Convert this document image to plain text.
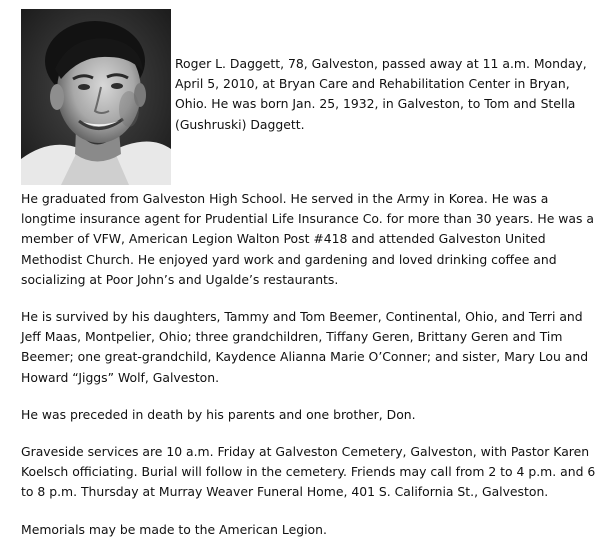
Roger L. Daggett, 78, Galveston, passed away at 11 a.m. Monday, April 5, 2010, at Bryan Care and Rehabilitation Center in Bryan, Ohio. He was born Jan. 25, 1932, in Galveston, to Tom and Stella (Gushruski) Daggett.

He graduated from Galveston High School. He served in the Army in Korea. He was a longtime insurance agent for Prudential Life Insurance Co. for more than 30 years. He was a member of VFW, American Legion Walton Post #418 and attended Galveston United Methodist Church. He enjoyed yard work and gardening and loved drinking coffee and socializing at Poor John’s and Ugalde’s restaurants.

He is survived by his daughters, Tammy and Tom Beemer, Continental, Ohio, and Terri and Jeff Maas, Montpelier, Ohio; three grandchildren, Tiffany Geren, Brittany Geren and Tim Beemer; one great-grandchild, Kaydence Alianna Marie O’Conner; and sister, Mary Lou and Howard “Jiggs” Wolf, Galveston.

He was preceded in death by his parents and one brother, Don.

Graveside services are 10 a.m. Friday at Galveston Cemetery, Galveston, with Pastor Karen Koelsch officiating. Burial will follow in the cemetery. Friends may call from 2 to 4 p.m. and 6 to 8 p.m. Thursday at Murray Weaver Funeral Home, 401 S. California St., Galveston.

Memorials may be made to the American Legion.
